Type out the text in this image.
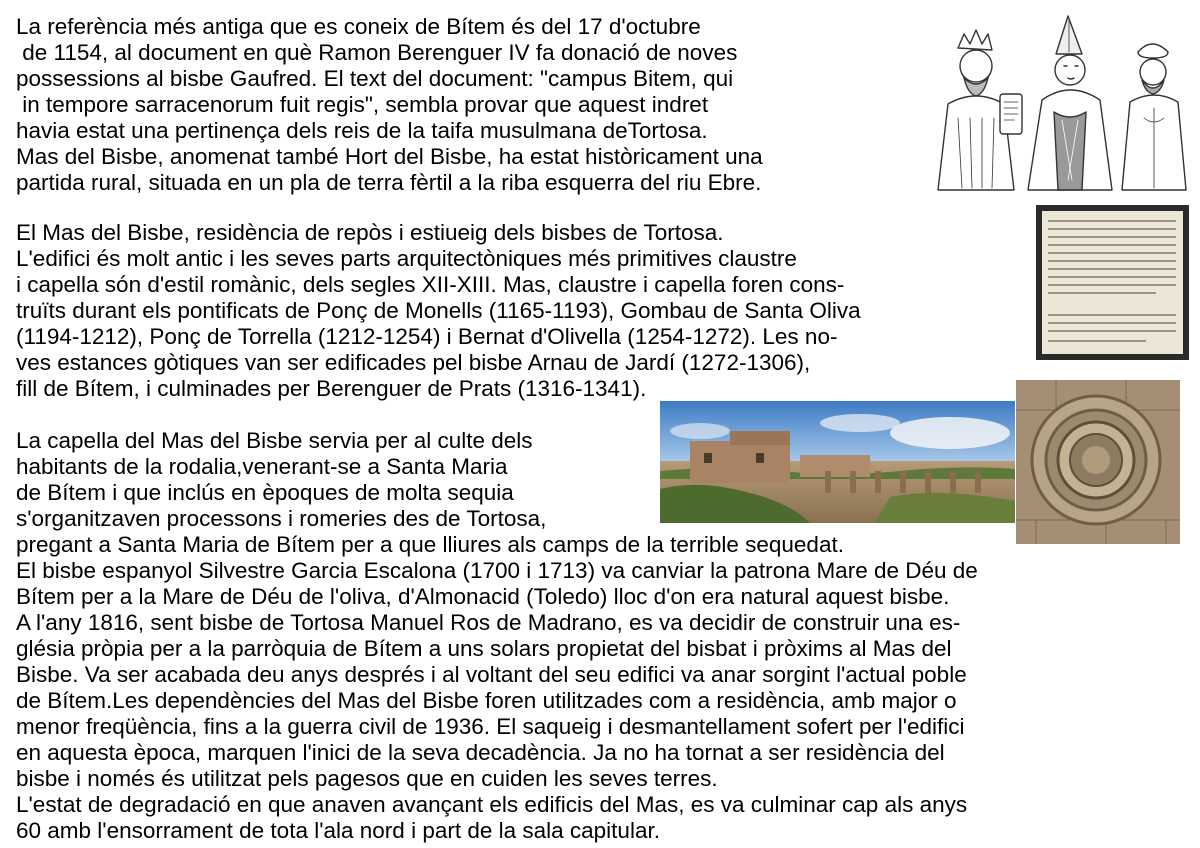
La referència més antiga que es coneix de Bítem és del 17 d'octubre

de 1154, al document en què Ramon Berenguer IV fa donació de noves

possessions al bisbe Gaufred. El text del document: "campus Bitem, qui

in tempore sarracenorum fuit regis", sembla provar que aquest indret

havia estat una pertinença dels reis de la taifa musulmana deTortosa.

Mas del Bisbe, anomenat també Hort del Bisbe, ha estat històricament una

partida rural, situada en un pla de terra fèrtil a la riba esquerra del riu Ebre.

El Mas del Bisbe, residència de repòs i estiueig dels bisbes de Tortosa.

L'edifici és molt antic i les seves parts arquitectòniques més primitives claustre

i capella són d'estil romànic, dels segles XII-XIII. Mas, claustre i capella foren cons-

truïts durant els pontificats de Ponç de Monells (1165-1193), Gombau de Santa Oliva

(1194-1212), Ponç de Torrella (1212-1254) i Bernat d'Olivella (1254-1272). Les no-

ves estances gòtiques van ser edificades pel bisbe Arnau de Jardí (1272-1306),

fill de Bítem, i culminades per Berenguer de Prats (1316-1341).

La capella del Mas del Bisbe servia per al culte dels

habitants de la rodalia,venerant-se a Santa Maria

de Bítem i que inclús en èpoques de molta sequia

s'organitzaven processons i romeries des de Tortosa,

pregant a Santa Maria de Bítem per a que lliures als camps de la terrible sequedat.

El bisbe espanyol Silvestre Garcia Escalona (1700 i 1713) va canviar la patrona Mare de Déu de

Bítem per a la Mare de Déu de l'oliva, d'Almonacid (Toledo) lloc d'on era natural aquest bisbe.

A l'any 1816, sent bisbe de Tortosa Manuel Ros de Madrano, es va decidir de construir una es-

glésia pròpia per a la parròquia de Bítem a uns solars propietat del bisbat i pròxims al Mas del

Bisbe. Va ser acabada deu anys després i al voltant del seu edifici va anar sorgint l'actual poble

de Bítem.Les dependències del Mas del Bisbe foren utilitzades com a residència, amb major o

menor freqüència, fins a la guerra civil de 1936. El saqueig i desmantellament sofert per l'edifici

en aquesta època, marquen l'inici de la seva decadència. Ja no ha tornat a ser residència del

bisbe i només és utilitzat pels pagesos que en cuiden les seves terres.

L'estat de degradació en que anaven avançant els edificis del Mas, es va culminar cap als anys

60 amb l'ensorrament de tota l'ala nord i part de la sala capitular.
